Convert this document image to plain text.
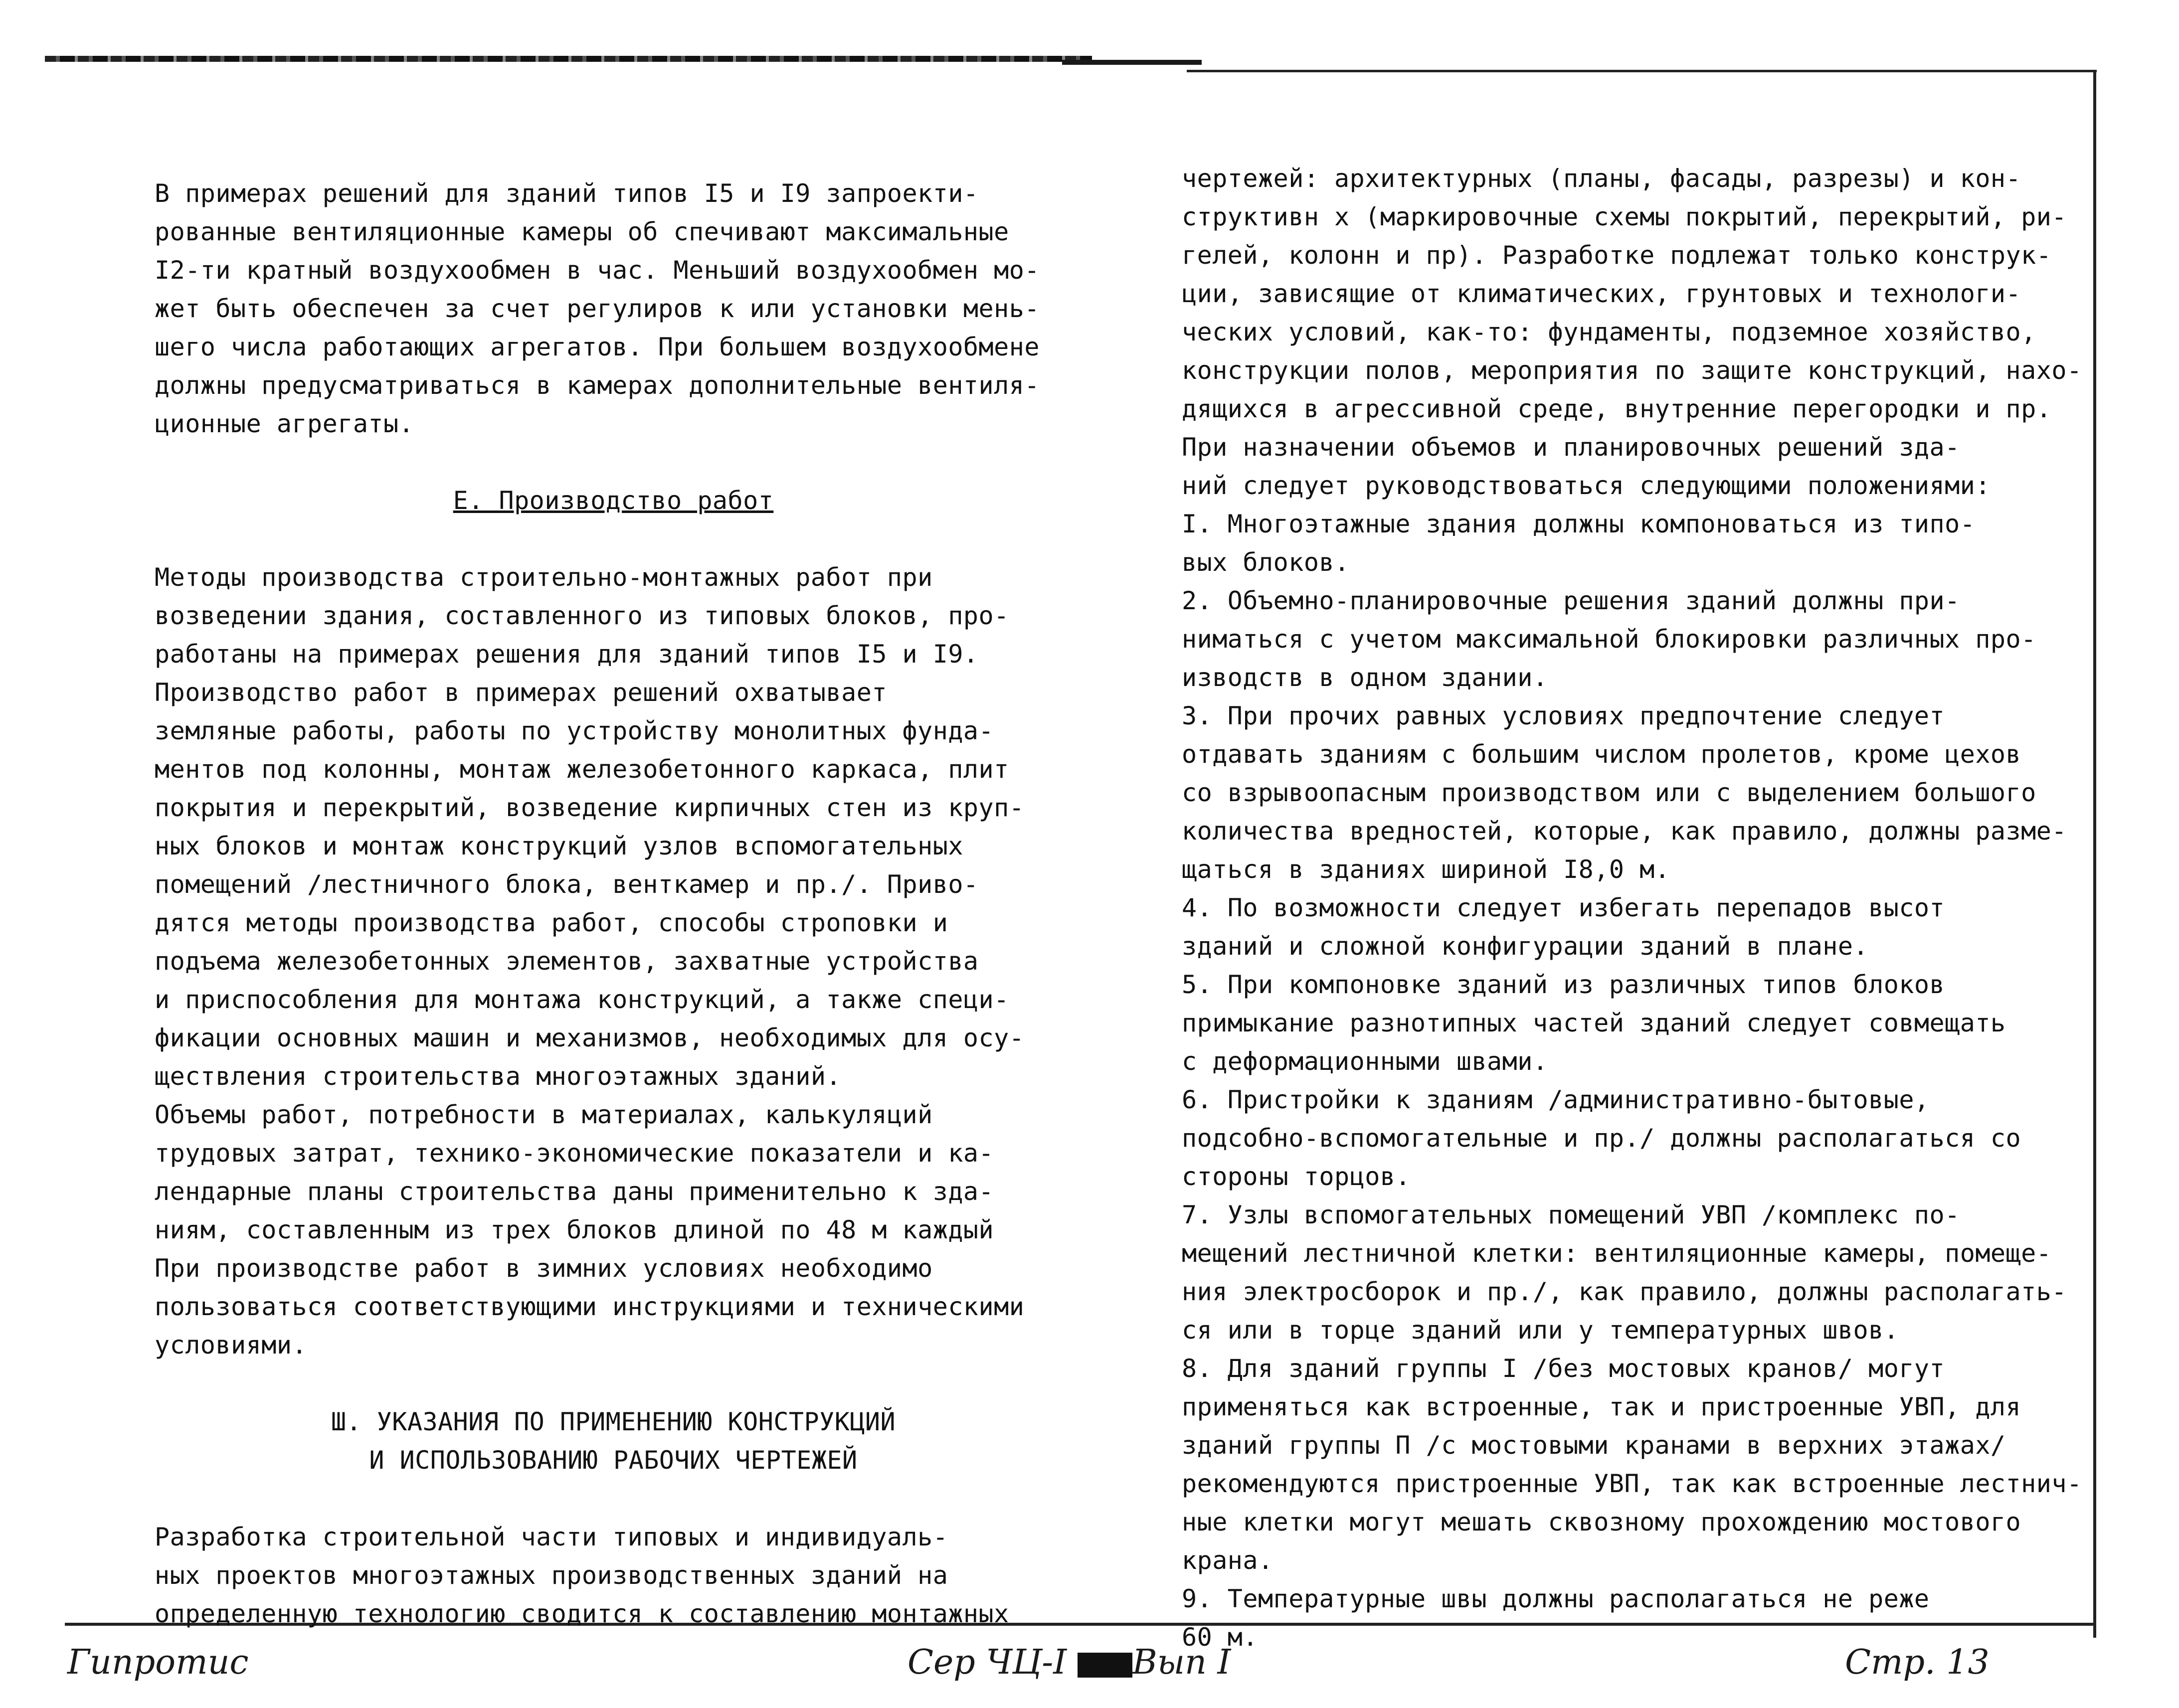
В примерах решений для зданий типов I5 и I9 запроекти-

рованные вентиляционные камеры об спечивают максимальные

I2-ти кратный воздухообмен в час. Меньший воздухообмен мо-

жет быть обеспечен за счет регулиров к или установки мень-

шего числа работающих агрегатов. При большем воздухообмене

должны предусматриваться в камерах дополнительные вентиля-

ционные агрегаты.

Е. Производство работ

Методы производства строительно-монтажных работ при

возведении здания, составленного из типовых блоков, про-

работаны на примерах решения для зданий типов I5 и I9.

Производство работ в примерах решений охватывает

земляные работы, работы по устройству монолитных фунда-

ментов под колонны, монтаж железобетонного каркаса, плит

покрытия и перекрытий, возведение кирпичных стен из круп-

ных блоков и монтаж конструкций узлов вспомогательных

помещений /лестничного блока, венткамер и пр./. Приво-

дятся методы производства работ, способы строповки и

подъема железобетонных элементов, захватные устройства

и приспособления для монтажа конструкций, а также специ-

фикации основных машин и механизмов, необходимых для осу-

ществления строительства многоэтажных зданий.

Объемы работ, потребности в материалах, калькуляций

трудовых затрат, технико-экономические показатели и ка-

лендарные планы строительства даны применительно к зда-

ниям, составленным из трех блоков длиной по 48 м каждый

При производстве работ в зимних условиях необходимо

пользоваться соответствующими инструкциями и техническими

условиями.

Ш. УКАЗАНИЯ ПО ПРИМЕНЕНИЮ КОНСТРУКЦИЙ

И ИСПОЛЬЗОВАНИЮ РАБОЧИХ ЧЕРТЕЖЕЙ

Разработка строительной части типовых и индивидуаль-

ных проектов многоэтажных производственных зданий на

определенную технологию сводится к составлению монтажных

чертежей: архитектурных (планы, фасады, разрезы) и кон-

структивн х (маркировочные схемы покрытий, перекрытий, ри-

гелей, колонн и пр). Разработке подлежат только конструк-

ции, зависящие от климатических, грунтовых и технологи-

ческих условий, как-то: фундаменты, подземное хозяйство,

конструкции полов, мероприятия по защите конструкций, нахо-

дящихся в агрессивной среде, внутренние перегородки и пр.

При назначении объемов и планировочных решений зда-

ний следует руководствоваться следующими положениями:

I. Многоэтажные здания должны компоноваться из типо-

вых блоков.

2. Объемно-планировочные решения зданий должны при-

ниматься с учетом максимальной блокировки различных про-

изводств в одном здании.

3. При прочих равных условиях предпочтение следует

отдавать зданиям с большим числом пролетов, кроме цехов

со взрывоопасным производством или с выделением большого

количества вредностей, которые, как правило, должны разме-

щаться в зданиях шириной I8,0 м.

4. По возможности следует избегать перепадов высот

зданий и сложной конфигурации зданий в плане.

5. При компоновке зданий из различных типов блоков

примыкание разнотипных частей зданий следует совмещать

с деформационными швами.

6. Пристройки к зданиям /административно-бытовые,

подсобно-вспомогательные и пр./ должны располагаться со

стороны торцов.

7. Узлы вспомогательных помещений УВП /комплекс по-

мещений лестничной клетки: вентиляционные камеры, помеще-

ния электросборок и пр./, как правило, должны располагать-

ся или в торце зданий или у температурных швов.

8. Для зданий группы I /без мостовых кранов/ могут

применяться как встроенные, так и пристроенные УВП, для

зданий группы П /с мостовыми кранами в верхних этажах/

рекомендуются пристроенные УВП, так как встроенные лестнич-

ные клетки могут мешать сквозному прохождению мостового

крана.

9. Температурные швы должны располагаться не реже

60 м.

Гипротис	Сер ЧЦ-I Вып I	Стр. 13
